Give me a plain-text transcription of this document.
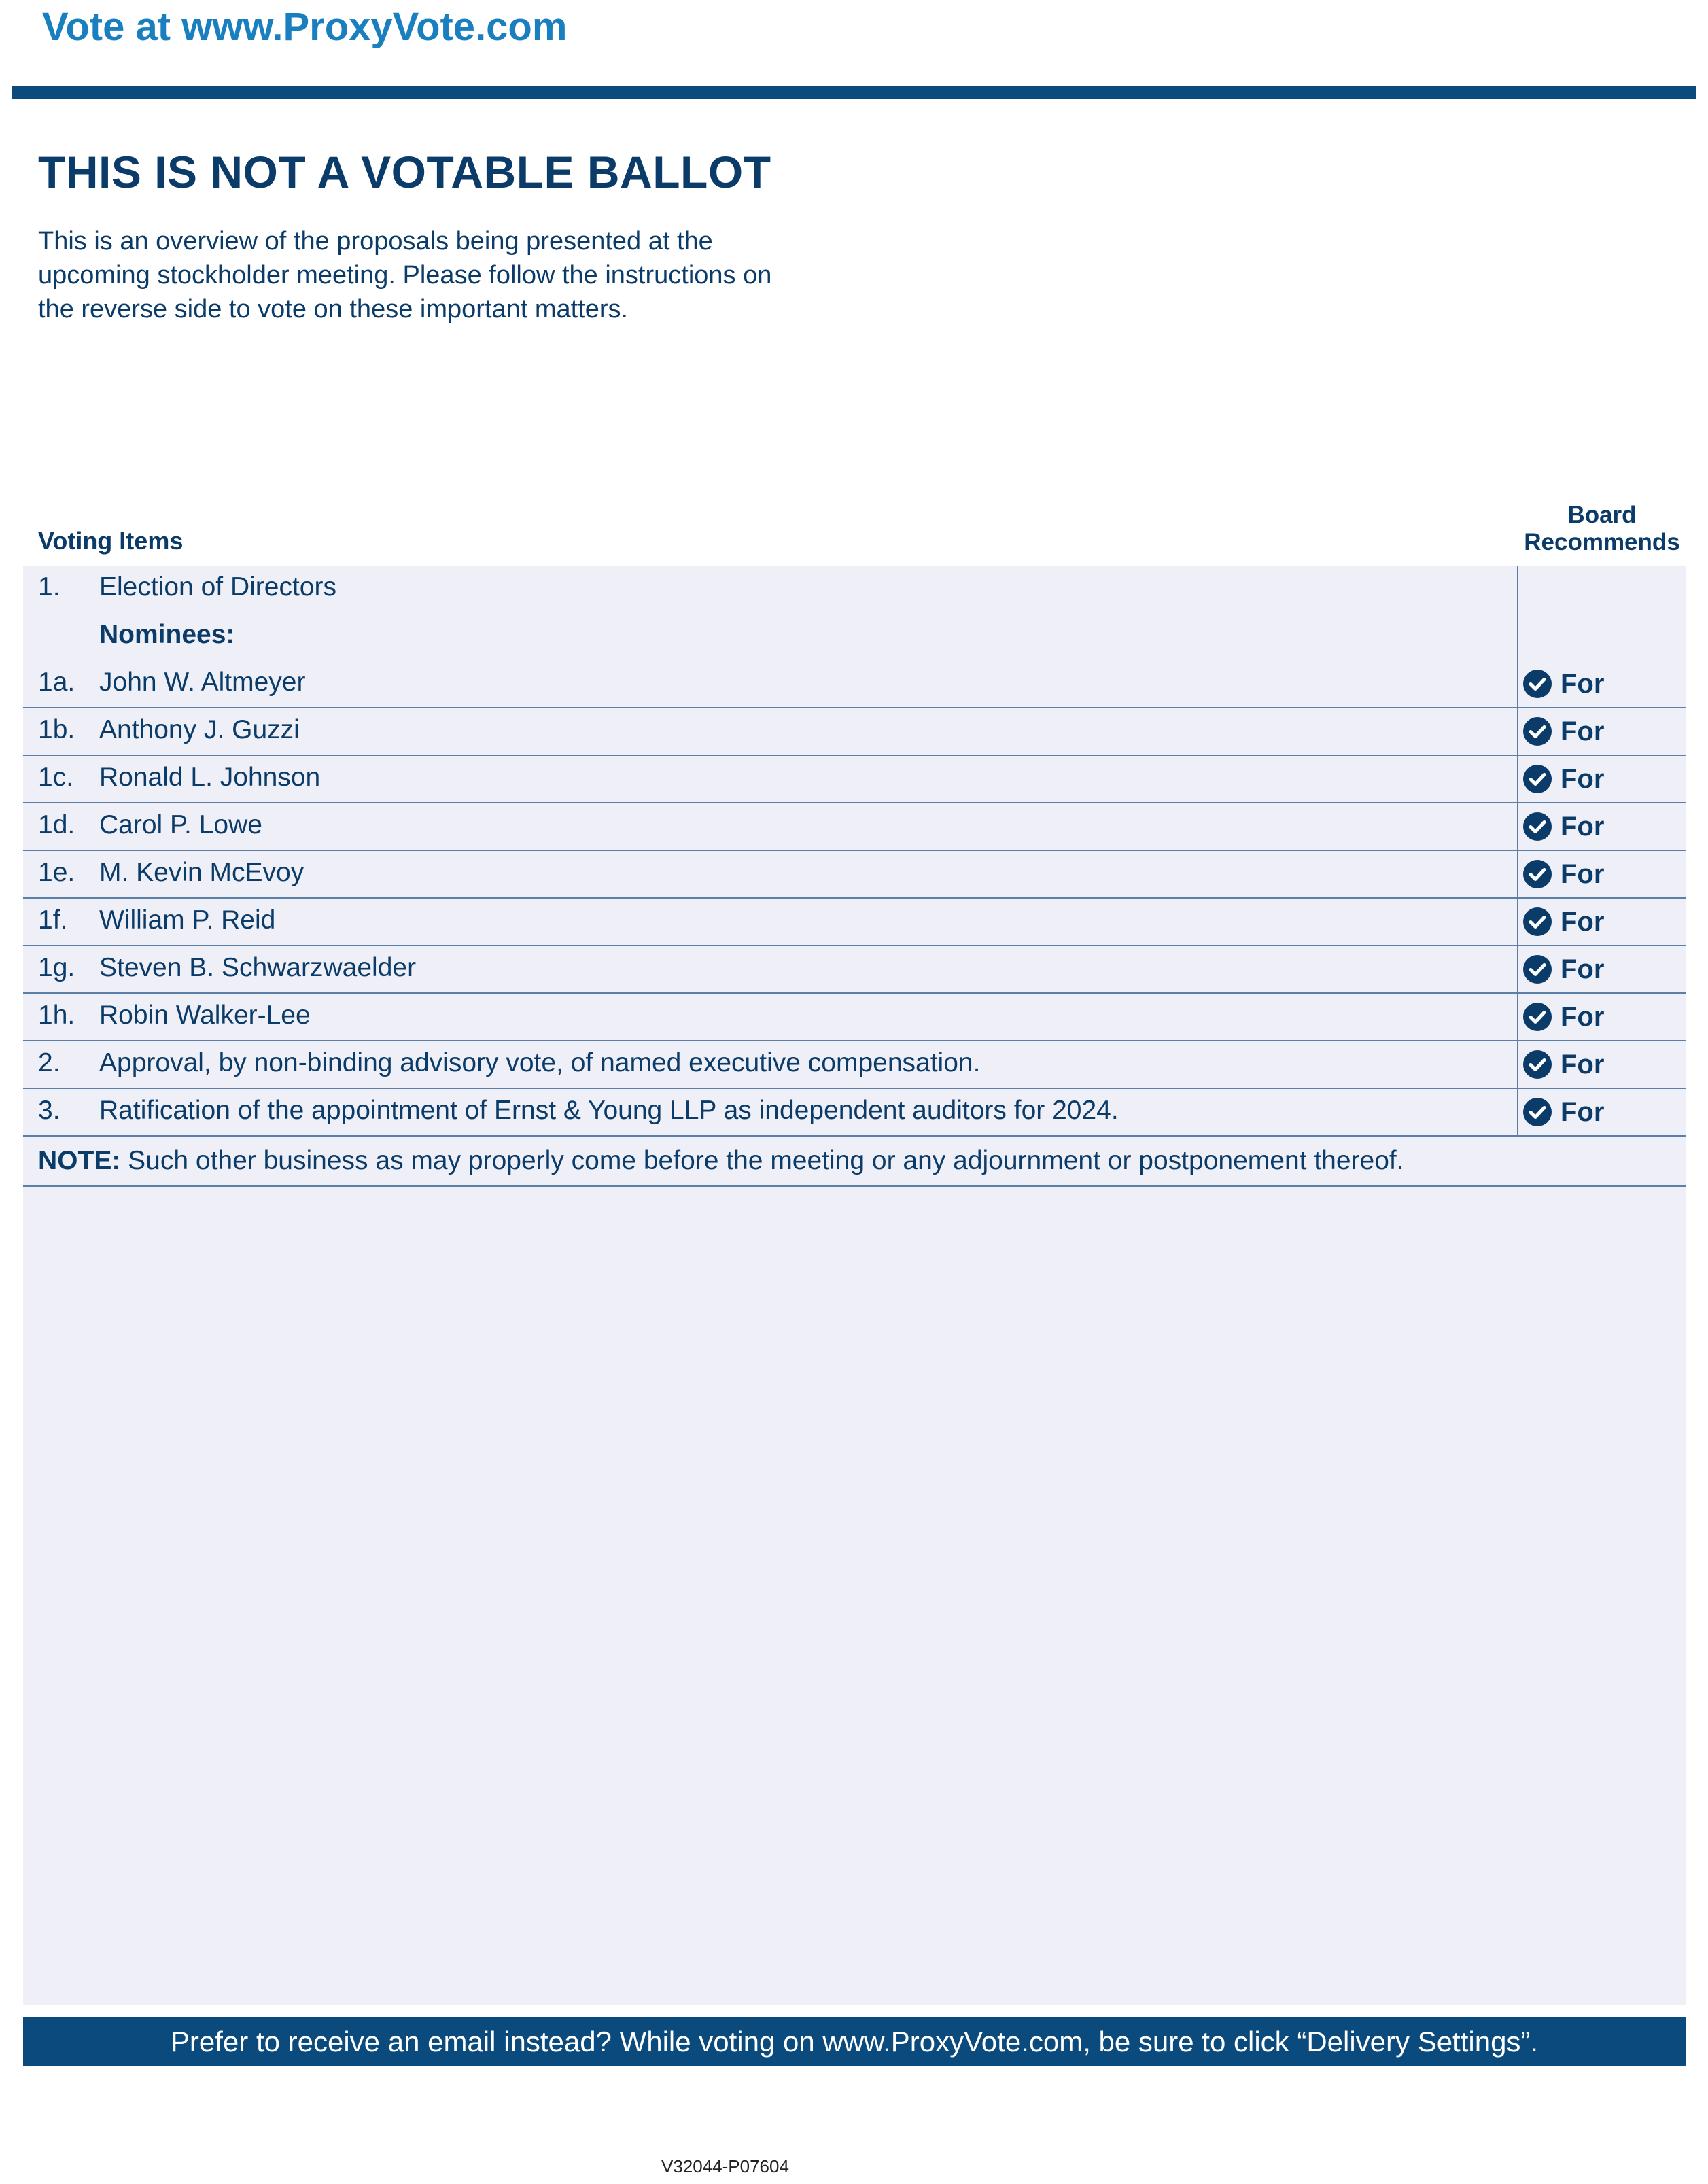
Vote at www.ProxyVote.com
THIS IS NOT A VOTABLE BALLOT
This is an overview of the proposals being presented at the
upcoming stockholder meeting. Please follow the instructions on
the reverse side to vote on these important matters.
Voting Items
Board
Recommends
1. Election of Directors
Nominees:
1a. John W. Altmeyer	For
1b. Anthony J. Guzzi	For
1c. Ronald L. Johnson	For
1d. Carol P. Lowe	For
1e. M. Kevin McEvoy	For
1f. William P. Reid	For
1g. Steven B. Schwarzwaelder	For
1h. Robin Walker-Lee	For
2. Approval, by non-binding advisory vote, of named executive compensation.	For
3. Ratification of the appointment of Ernst & Young LLP as independent auditors for 2024.	For
NOTE: Such other business as may properly come before the meeting or any adjournment or postponement thereof.
Prefer to receive an email instead? While voting on www.ProxyVote.com, be sure to click “Delivery Settings”.
V32044-P07604
